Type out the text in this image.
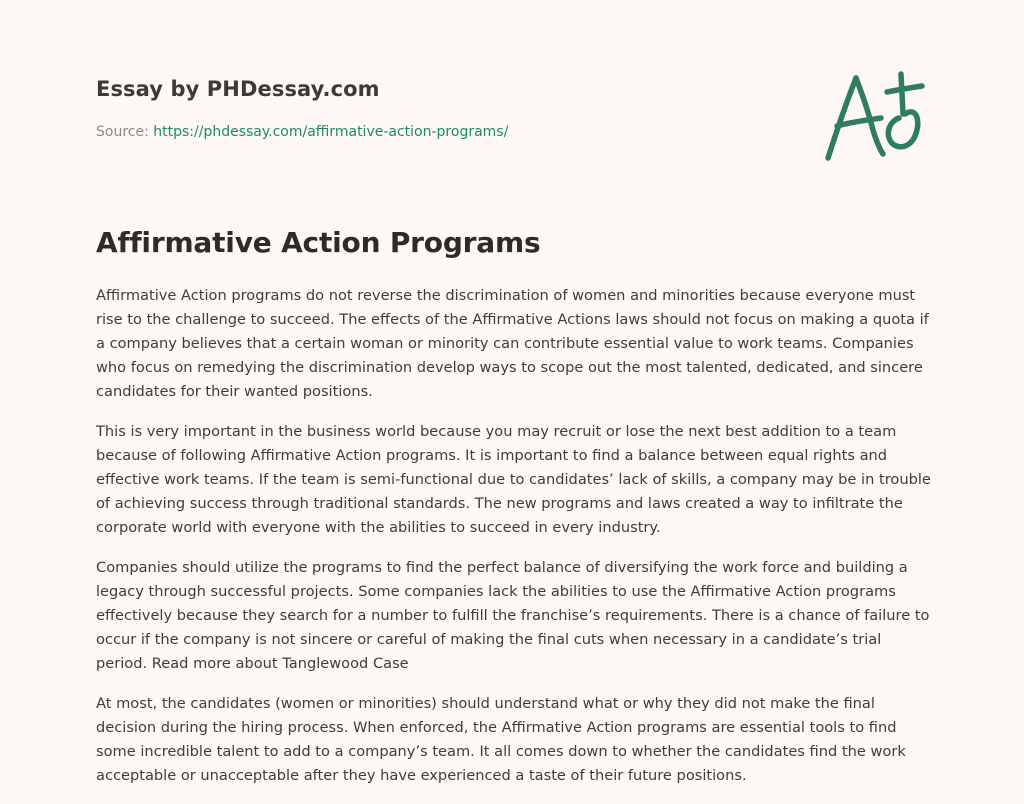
Essay by PHDessay.com
Source: https://phdessay.com/affirmative-action-programs/
Affirmative Action Programs

Affirmative Action programs do not reverse the discrimination of women and minorities because everyone must rise to the challenge to succeed. The effects of the Affirmative Actions laws should not focus on making a quota if a company believes that a certain woman or minority can contribute essential value to work teams. Companies who focus on remedying the discrimination develop ways to scope out the most talented, dedicated, and sincere candidates for their wanted positions.

This is very important in the business world because you may recruit or lose the next best addition to a team because of following Affirmative Action programs. It is important to find a balance between equal rights and effective work teams. If the team is semi-functional due to candidates’ lack of skills, a company may be in trouble of achieving success through traditional standards. The new programs and laws created a way to infiltrate the corporate world with everyone with the abilities to succeed in every industry.

Companies should utilize the programs to find the perfect balance of diversifying the work force and building a legacy through successful projects. Some companies lack the abilities to use the Affirmative Action programs effectively because they search for a number to fulfill the franchise’s requirements. There is a chance of failure to occur if the company is not sincere or careful of making the final cuts when necessary in a candidate’s trial period. Read more about Tanglewood Case

At most, the candidates (women or minorities) should understand what or why they did not make the final decision during the hiring process. When enforced, the Affirmative Action programs are essential tools to find some incredible talent to add to a company’s team. It all comes down to whether the candidates find the work acceptable or unacceptable after they have experienced a taste of their future positions.
